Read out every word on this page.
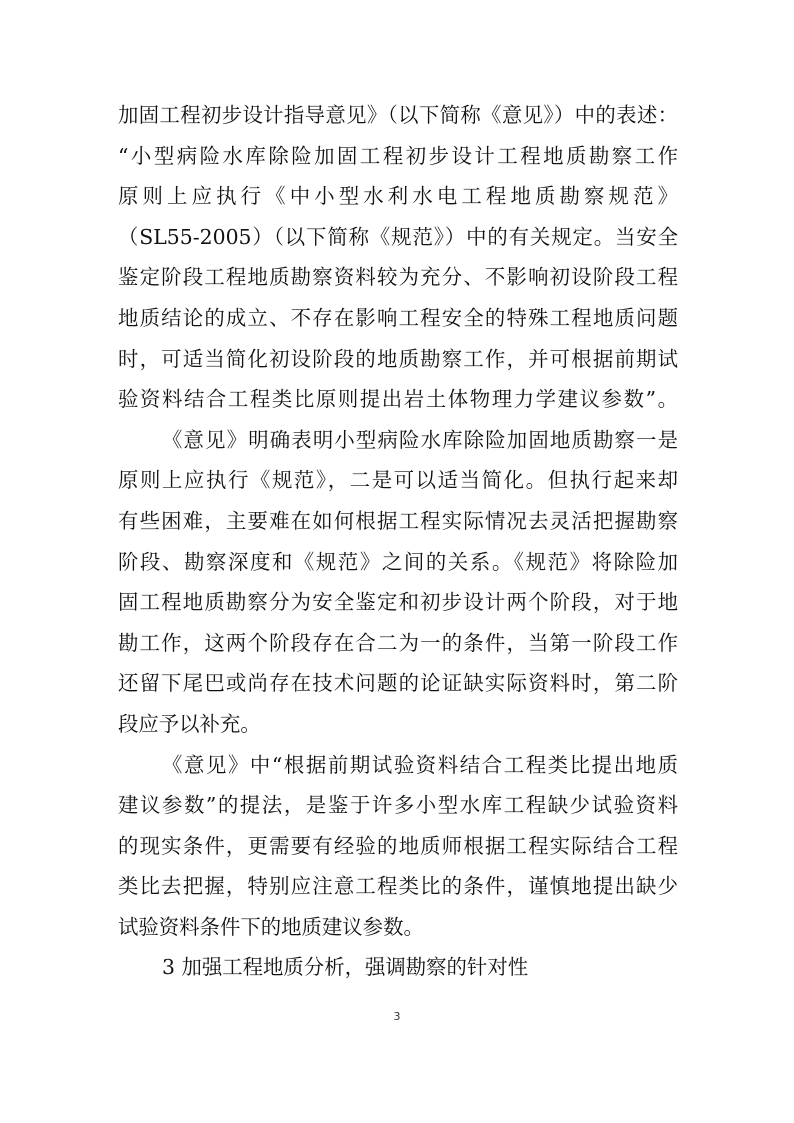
加固工程初步设计指导意见》（以下简称《意见》）中的表述：
“小型病险水库除险加固工程初步设计工程地质勘察工作
原则上应执行《中小型水利水电工程地质勘察规范》
（SL55-2005）（以下简称《规范》）中的有关规定。当安全
鉴定阶段工程地质勘察资料较为充分、不影响初设阶段工程
地质结论的成立、不存在影响工程安全的特殊工程地质问题
时，可适当简化初设阶段的地质勘察工作，并可根据前期试
验资料结合工程类比原则提出岩土体物理力学建议参数”。
《意见》明确表明小型病险水库除险加固地质勘察一是
原则上应执行《规范》，二是可以适当简化。但执行起来却
有些困难，主要难在如何根据工程实际情况去灵活把握勘察
阶段、勘察深度和《规范》之间的关系。《规范》将除险加
固工程地质勘察分为安全鉴定和初步设计两个阶段，对于地
勘工作，这两个阶段存在合二为一的条件，当第一阶段工作
还留下尾巴或尚存在技术问题的论证缺实际资料时，第二阶
段应予以补充。
《意见》中“根据前期试验资料结合工程类比提出地质
建议参数”的提法，是鉴于许多小型水库工程缺少试验资料
的现实条件，更需要有经验的地质师根据工程实际结合工程
类比去把握，特别应注意工程类比的条件，谨慎地提出缺少
试验资料条件下的地质建议参数。
3 加强工程地质分析，强调勘察的针对性
3
